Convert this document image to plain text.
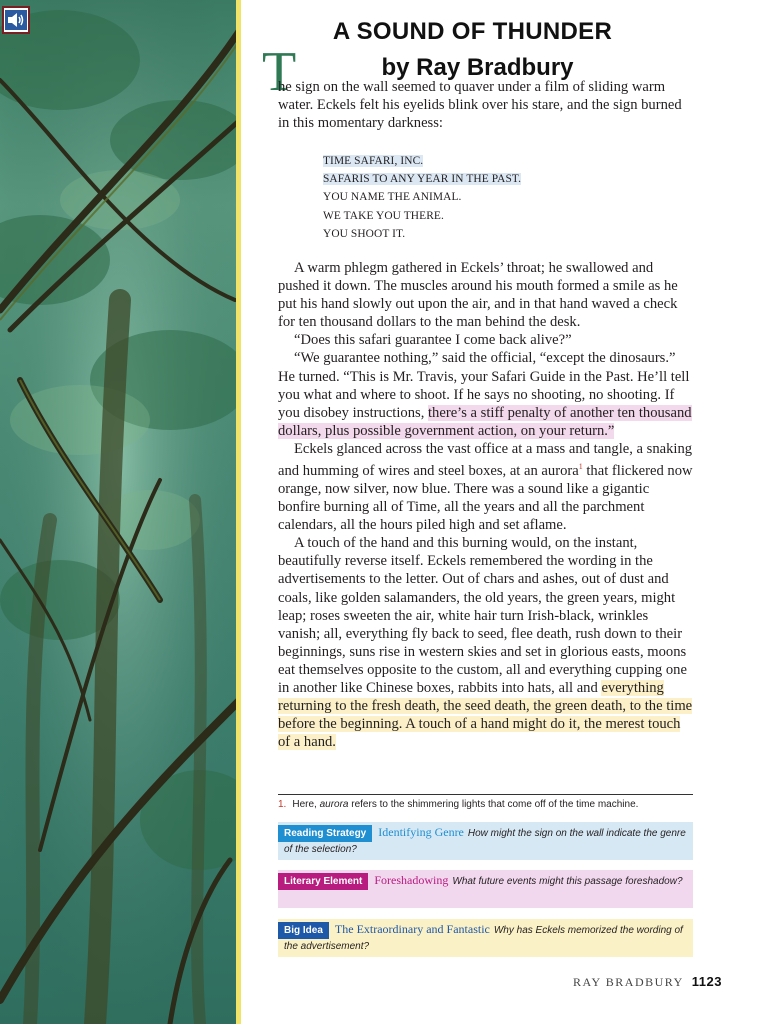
A SOUND OF THUNDER
T	by Ray Bradbury
he sign on the wall seemed to quaver under a film of sliding warm water. Eckels felt his eyelids blink over his stare, and the sign burned in this momentary darkness:
TIME SAFARI, INC.
SAFARIS TO ANY YEAR IN THE PAST.
YOU NAME THE ANIMAL.
WE TAKE YOU THERE.
YOU SHOOT IT.

A warm phlegm gathered in Eckels’ throat; he swallowed and pushed it down. The muscles around his mouth formed a smile as he put his hand slowly out upon the air, and in that hand waved a check for ten thousand dollars to the man behind the desk.

“Does this safari guarantee I come back alive?”

“We guarantee nothing,” said the official, “except the dinosaurs.” He turned. “This is Mr. Travis, your Safari Guide in the Past. He’ll tell you what and where to shoot. If he says no shooting, no shooting. If you disobey instructions, there’s a stiff penalty of another ten thousand dollars, plus possible government action, on your return.”

Eckels glanced across the vast office at a mass and tangle, a snaking and humming of wires and steel boxes, at an aurora$^1$ that flickered now orange, now silver, now blue. There was a sound like a gigantic bonfire burning all of Time, all the years and all the parchment calendars, all the hours piled high and set aflame.

A touch of the hand and this burning would, on the instant, beautifully reverse itself. Eckels remembered the wording in the advertisements to the letter. Out of chars and ashes, out of dust and coals, like golden salamanders, the old years, the green years, might leap; roses sweeten the air, white hair turn Irish-black, wrinkles vanish; all, everything fly back to seed, flee death, rush down to their beginnings, suns rise in western skies and set in glorious easts, moons eat themselves opposite to the custom, all and everything cupping one in another like Chinese boxes, rabbits into hats, all and everything returning to the fresh death, the seed death, the green death, to the time before the beginning. A touch of a hand might do it, the merest touch of a hand.

1. Here, aurora refers to the shimmering lights that come off of the time machine.
Reading Strategy Identifying Genre How might the sign on the wall indicate the genre of the selection?
Literary Element Foreshadowing What future events might this passage foreshadow?
Big Idea The Extraordinary and Fantastic Why has Eckels memorized the wording of the advertisement?
RAY BRADBURY 1123
